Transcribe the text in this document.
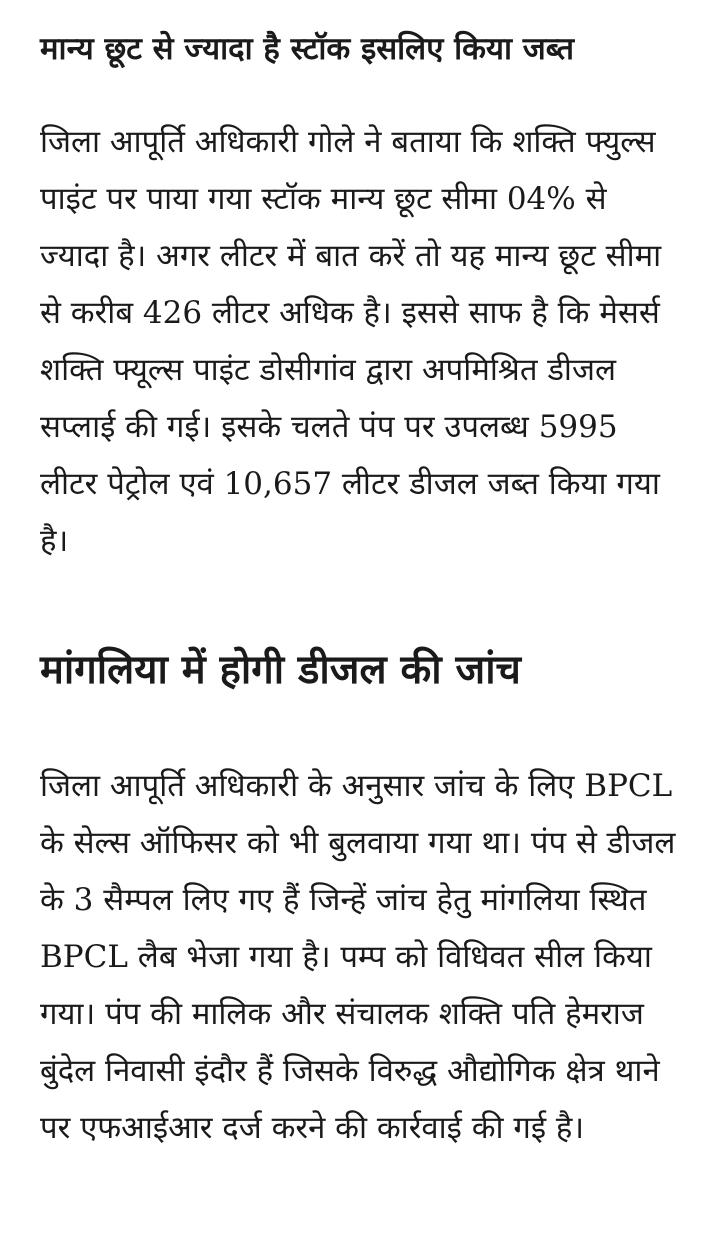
मान्य छूट से ज्यादा है स्टॉक इसलिए किया जब्त

जिला आपूर्ति अधिकारी गोले ने बताया कि शक्ति फ्युल्स पाइंट पर पाया गया स्टॉक मान्य छूट सीमा 04% से ज्यादा है। अगर लीटर में बात करें तो यह मान्य छूट सीमा से करीब 426 लीटर अधिक है। इससे साफ है कि मेसर्स शक्ति फ्यूल्स पाइंट डोसीगांव द्वारा अपमिश्रित डीजल सप्लाई की गई। इसके चलते पंप पर उपलब्ध 5995 लीटर पेट्रोल एवं 10,657 लीटर डीजल जब्त किया गया है।

मांगलिया में होगी डीजल की जांच

जिला आपूर्ति अधिकारी के अनुसार जांच के लिए BPCL के सेल्स ऑफिसर को भी बुलवाया गया था। पंप से डीजल के 3 सैम्पल लिए गए हैं जिन्हें जांच हेतु मांगलिया स्थित BPCL लैब भेजा गया है। पम्प को विधिवत सील किया गया। पंप की मालिक और संचालक शक्ति पति हेमराज बुंदेल निवासी इंदौर हैं जिसके विरुद्ध औद्योगिक क्षेत्र थाने पर एफआईआर दर्ज करने की कार्रवाई की गई है।
